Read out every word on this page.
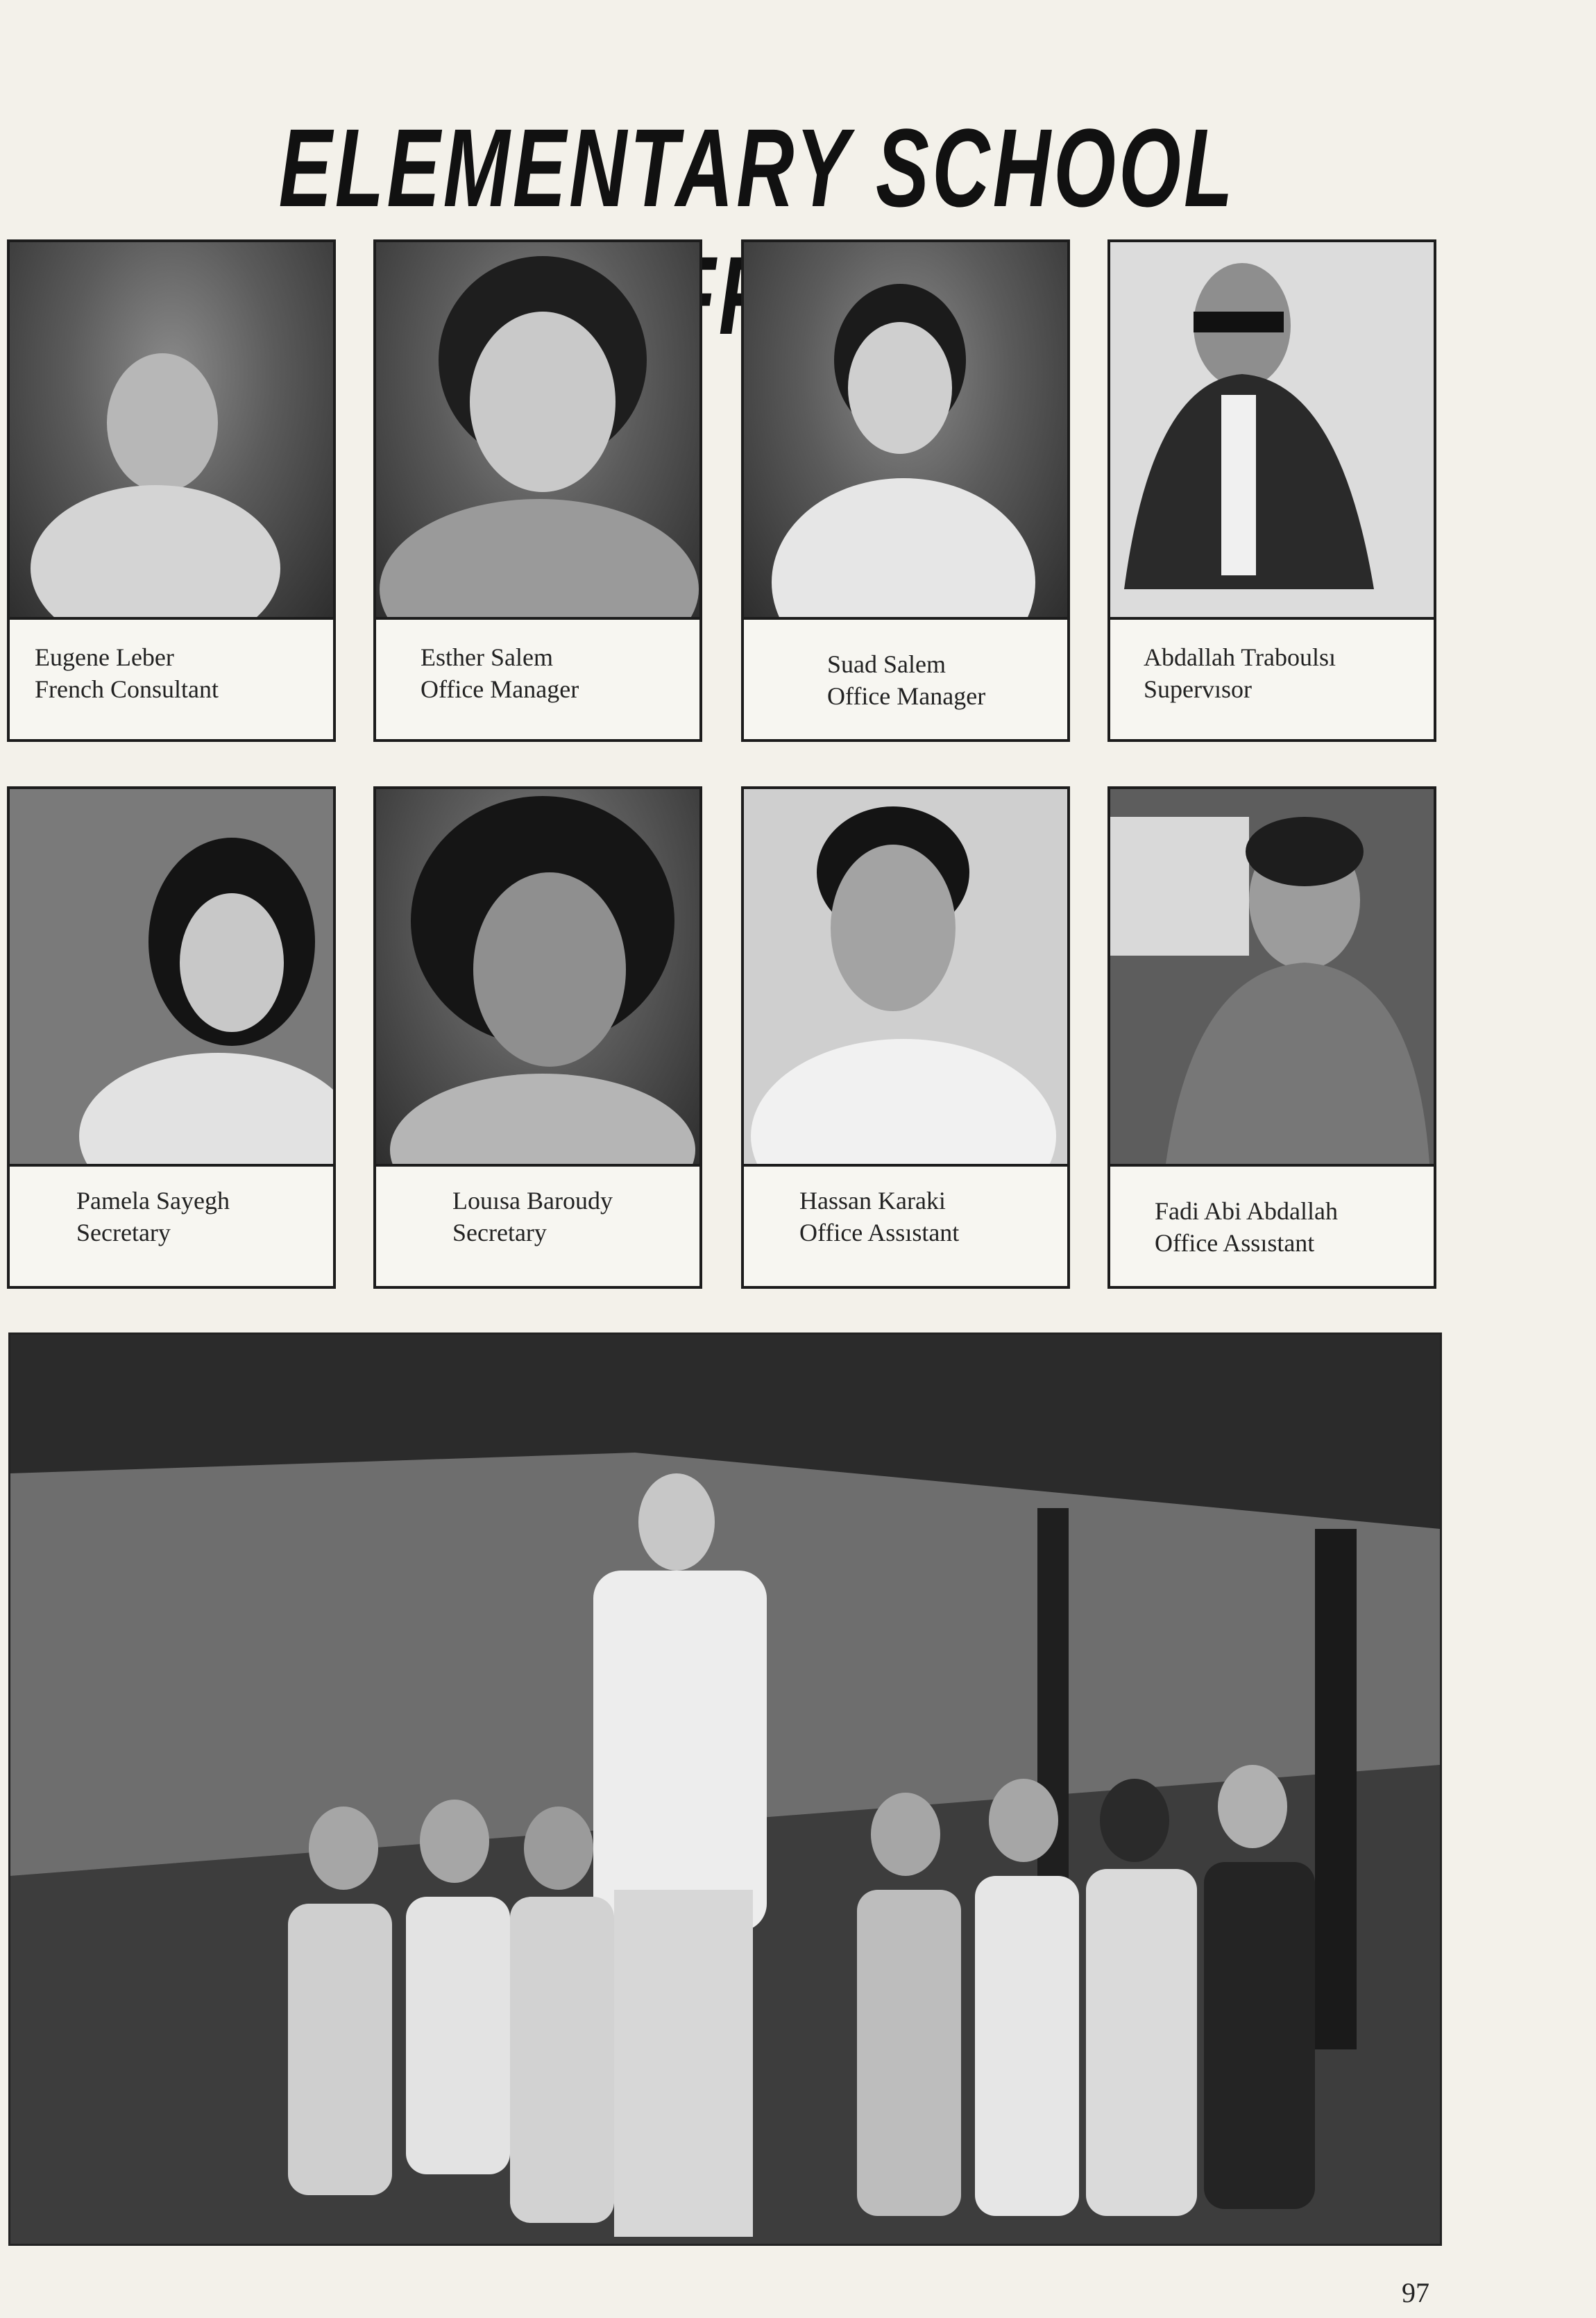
ELEMENTARY SCHOOL
Eugene Leber
French Consultant
Esther Salem
Office Manager
Suad Salem
Office Manager
Abdallah Traboulsı
Supervısor
Pamela Sayegh
Secretary
Louısa Baroudy
Secretary
Hassan Karaki
Office Assıstant
Fadi Abi Abdallah
Office Assıstant
97
